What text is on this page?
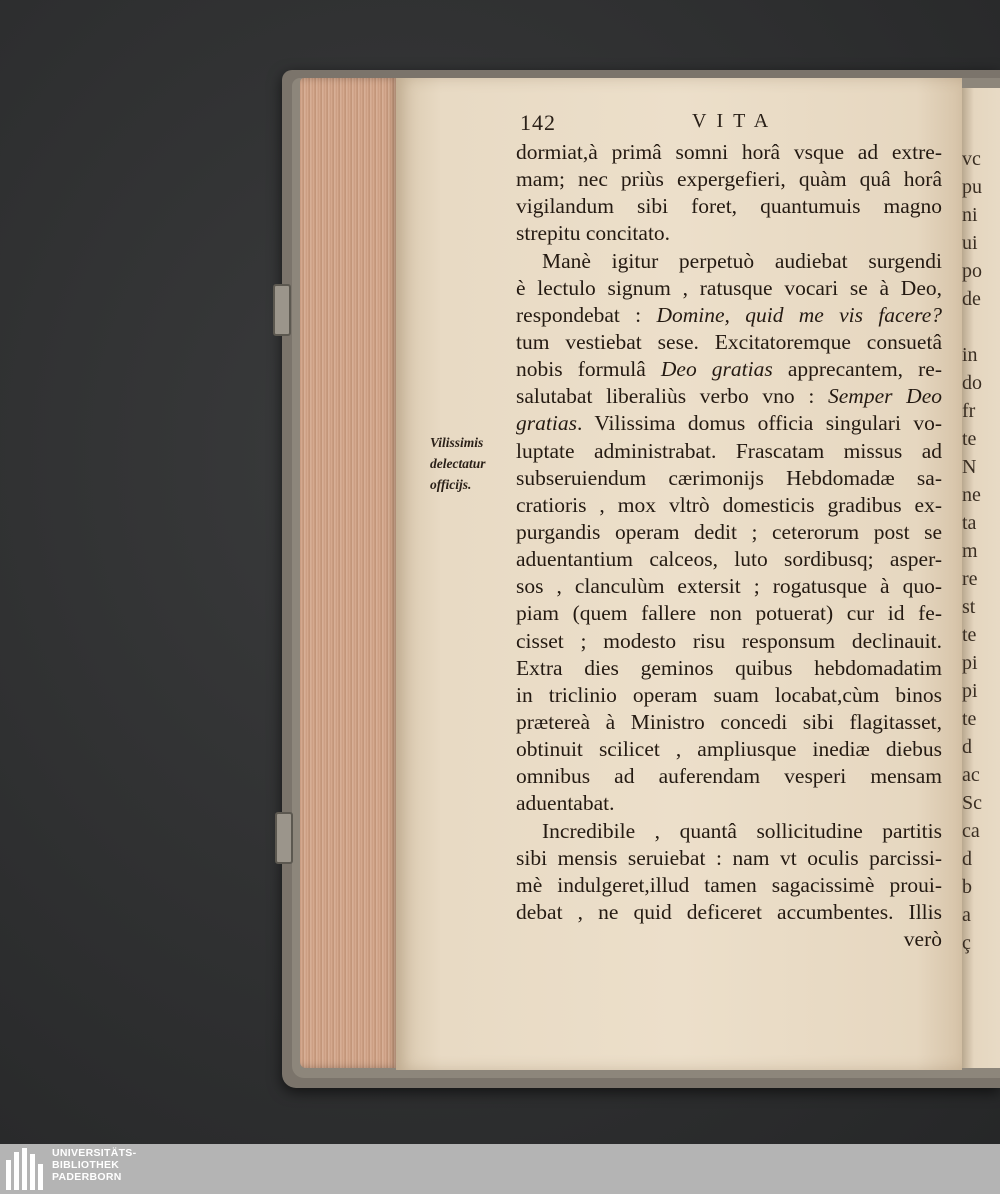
vc
pu
ni
ui
po
de
in
do
fr
te
N
ne
ta
m
re
st
te
pi
pi
te
d
ac
Sc
ca
d
b
a
ç
142	VITA
Vilissimis
delectatur
officijs.
dormiat,à primâ somni horâ vsque ad extre-
mam; nec priùs expergefieri, quàm quâ horâ
vigilandum sibi foret, quantumuis magno
strepitu concitato.
Manè igitur perpetuò audiebat surgendi
è lectulo signum , ratusque vocari se à Deo,
respondebat : Domine, quid me vis facere?
tum vestiebat sese. Excitatoremque consuetâ
nobis formulâ Deo gratias apprecantem, re-
salutabat liberaliùs verbo vno : Semper Deo
gratias. Vilissima domus officia singulari vo-
luptate administrabat. Frascatam missus ad
subseruiendum cærimonijs Hebdomadæ sa-
cratioris , mox vltrò domesticis gradibus ex-
purgandis operam dedit ; ceterorum post se
aduentantium calceos, luto sordibusq; asper-
sos , clanculùm extersit ; rogatusque à quo-
piam (quem fallere non potuerat) cur id fe-
cisset ; modesto risu responsum declinauit.
Extra dies geminos quibus hebdomadatim
in triclinio operam suam locabat,cùm binos
prætereà à Ministro concedi sibi flagitasset,
obtinuit scilicet , ampliusque inediæ diebus
omnibus ad auferendam vesperi mensam
aduentabat.
Incredibile , quantâ sollicitudine partitis
sibi mensis seruiebat : nam vt oculis parcissi-
mè indulgeret,illud tamen sagacissimè proui-
debat , ne quid deficeret accumbentes. Illis
verò
UNIVERSITÄTS-
BIBLIOTHEK
PADERBORN
